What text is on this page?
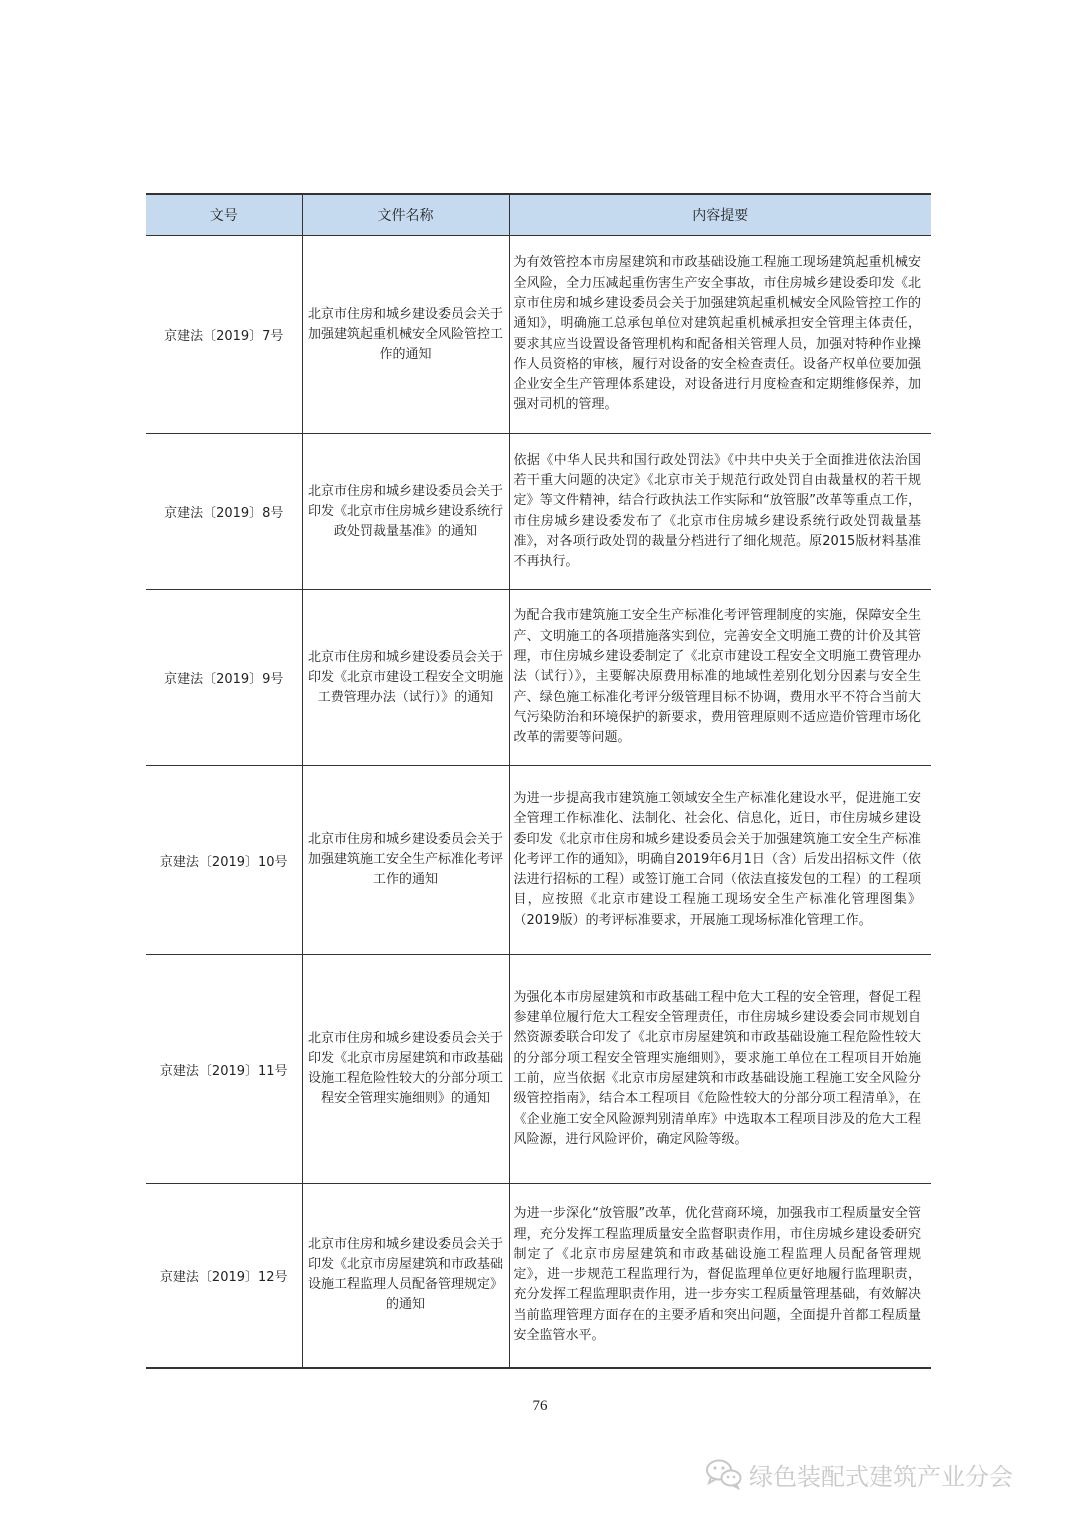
文号	文件名称	内容提要
京建法〔2019〕7号	北京市住房和城乡建设委员会关于加强建筑起重机械安全风险管控工作的通知	为有效管控本市房屋建筑和市政基础设施工程施工现场建筑起重机械安全风险，全力压减起重伤害生产安全事故，市住房城乡建设委印发《北京市住房和城乡建设委员会关于加强建筑起重机械安全风险管控工作的通知》，明确施工总承包单位对建筑起重机械承担安全管理主体责任，要求其应当设置设备管理机构和配备相关管理人员，加强对特种作业操作人员资格的审核，履行对设备的安全检查责任。设备产权单位要加强企业安全生产管理体系建设，对设备进行月度检查和定期维修保养，加强对司机的管理。
京建法〔2019〕8号	北京市住房和城乡建设委员会关于印发《北京市住房城乡建设系统行政处罚裁量基准》的通知	依据《中华人民共和国行政处罚法》《中共中央关于全面推进依法治国若干重大问题的决定》《北京市关于规范行政处罚自由裁量权的若干规定》等文件精神，结合行政执法工作实际和“放管服”改革等重点工作，市住房城乡建设委发布了《北京市住房城乡建设系统行政处罚裁量基准》，对各项行政处罚的裁量分档进行了细化规范。原2015版材料基准不再执行。
京建法〔2019〕9号	北京市住房和城乡建设委员会关于印发《北京市建设工程安全文明施工费管理办法（试行）》的通知	为配合我市建筑施工安全生产标准化考评管理制度的实施，保障安全生产、文明施工的各项措施落实到位，完善安全文明施工费的计价及其管理，市住房城乡建设委制定了《北京市建设工程安全文明施工费管理办法（试行）》，主要解决原费用标准的地域性差别化划分因素与安全生产、绿色施工标准化考评分级管理目标不协调，费用水平不符合当前大气污染防治和环境保护的新要求，费用管理原则不适应造价管理市场化改革的需要等问题。
京建法〔2019〕10号	北京市住房和城乡建设委员会关于加强建筑施工安全生产标准化考评工作的通知	为进一步提高我市建筑施工领域安全生产标准化建设水平，促进施工安全管理工作标准化、法制化、社会化、信息化，近日，市住房城乡建设委印发《北京市住房和城乡建设委员会关于加强建筑施工安全生产标准化考评工作的通知》，明确自2019年6月1日（含）后发出招标文件（依法进行招标的工程）或签订施工合同（依法直接发包的工程）的工程项目，应按照《北京市建设工程施工现场安全生产标准化管理图集》（2019版）的考评标准要求，开展施工现场标准化管理工作。
京建法〔2019〕11号	北京市住房和城乡建设委员会关于印发《北京市房屋建筑和市政基础设施工程危险性较大的分部分项工程安全管理实施细则》的通知	为强化本市房屋建筑和市政基础工程中危大工程的安全管理，督促工程参建单位履行危大工程安全管理责任，市住房城乡建设委会同市规划自然资源委联合印发了《北京市房屋建筑和市政基础设施工程危险性较大的分部分项工程安全管理实施细则》，要求施工单位在工程项目开始施工前，应当依据《北京市房屋建筑和市政基础设施工程施工安全风险分级管控指南》，结合本工程项目《危险性较大的分部分项工程清单》，在《企业施工安全风险源判别清单库》中选取本工程项目涉及的危大工程风险源，进行风险评价，确定风险等级。
京建法〔2019〕12号	北京市住房和城乡建设委员会关于印发《北京市房屋建筑和市政基础设施工程监理人员配备管理规定》的通知	为进一步深化“放管服”改革，优化营商环境，加强我市工程质量安全管理，充分发挥工程监理质量安全监督职责作用，市住房城乡建设委研究制定了《北京市房屋建筑和市政基础设施工程监理人员配备管理规定》，进一步规范工程监理行为，督促监理单位更好地履行监理职责，充分发挥工程监理职责作用，进一步夯实工程质量管理基础，有效解决当前监理管理方面存在的主要矛盾和突出问题，全面提升首都工程质量安全监管水平。
76
绿色装配式建筑产业分会
